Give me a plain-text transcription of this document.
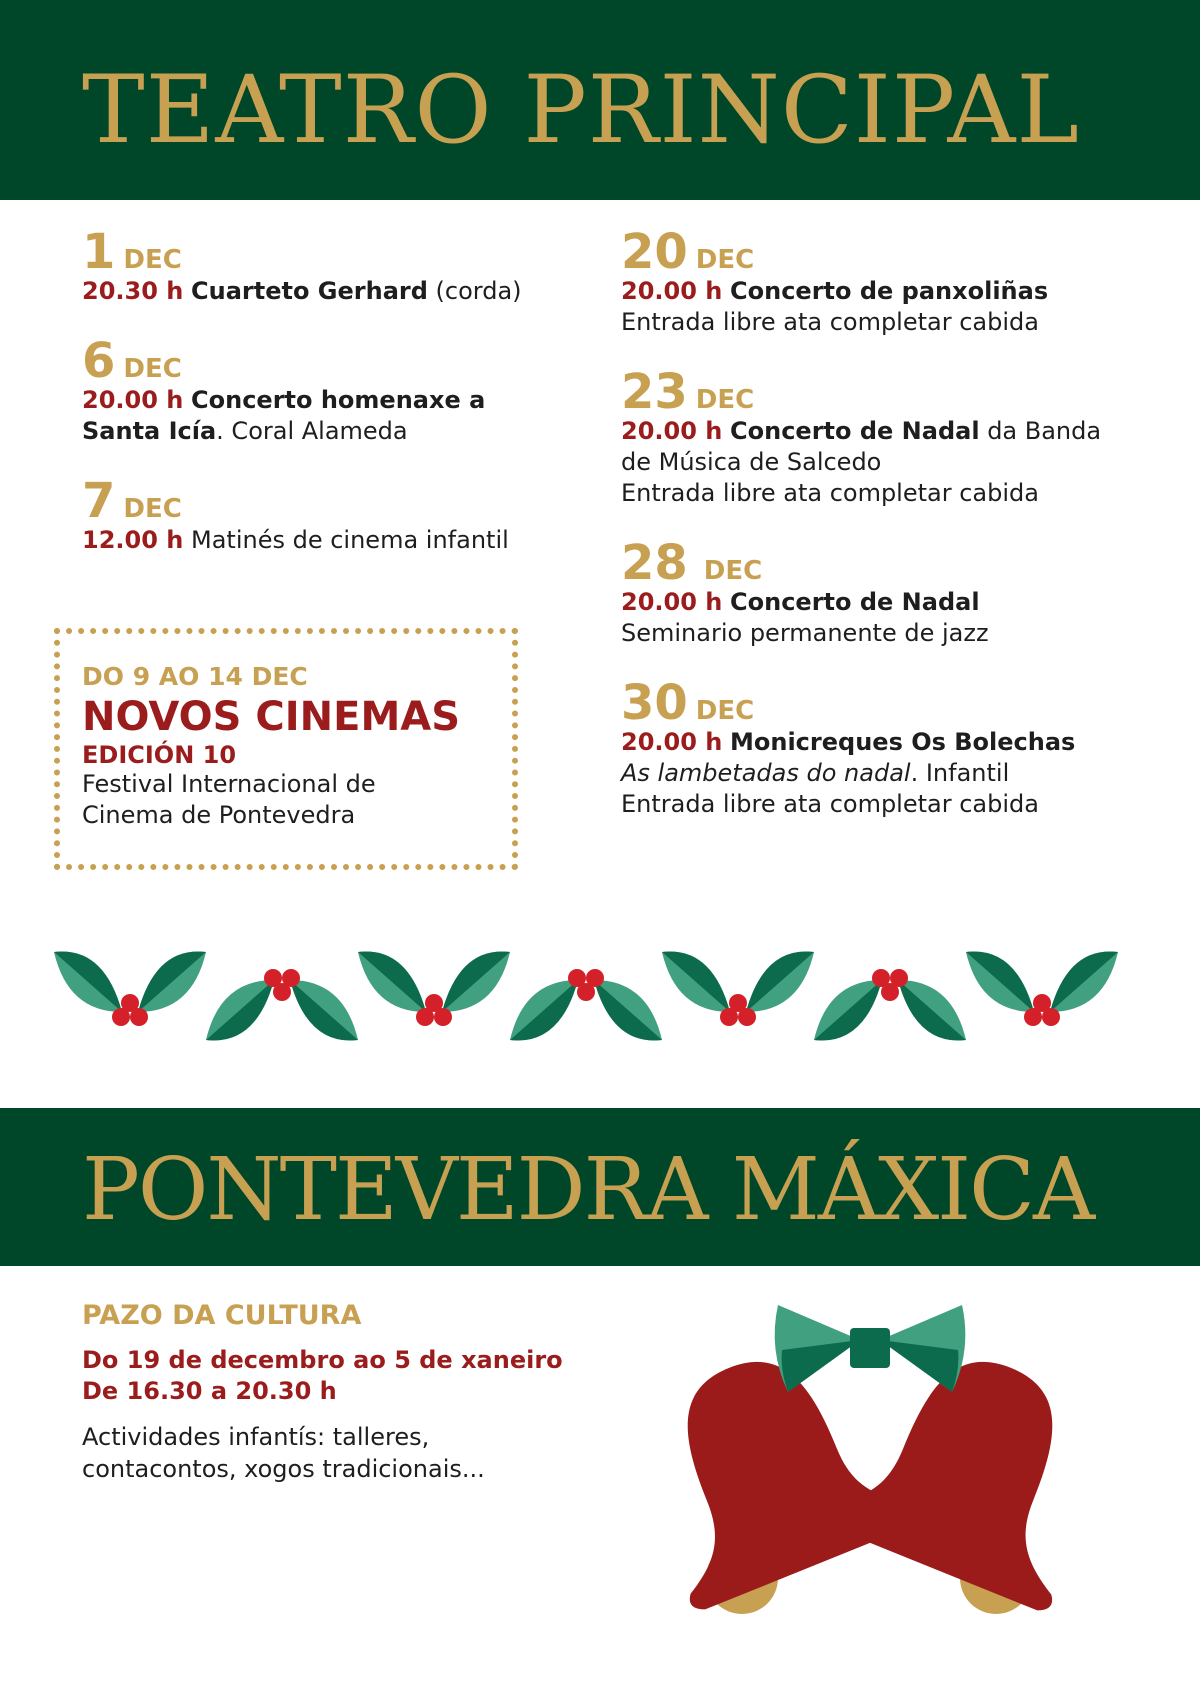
TEATRO PRINCIPAL
1 DEC

20.30 h Cuarteto Gerhard (corda)

6 DEC

20.00 h Concerto homenaxe a

Santa Icía. Coral Alameda

7 DEC

12.00 h Matinés de cinema infantil

DO 9 AO 14 DEC
NOVOS CINEMAS
EDICIÓN 10
Festival Internacional de
Cinema de Pontevedra
20 DEC

20.00 h Concerto de panxoliñas

Entrada libre ata completar cabida

23 DEC

20.00 h Concerto de Nadal da Banda

de Música de Salcedo

Entrada libre ata completar cabida

28 DEC

20.00 h Concerto de Nadal

Seminario permanente de jazz

30 DEC

20.00 h Monicreques Os Bolechas

As lambetadas do nadal. Infantil

Entrada libre ata completar cabida

PONTEVEDRA MÁXICA
PAZO DA CULTURA
Do 19 de decembro ao 5 de xaneiro
De 16.30 a 20.30 h
Actividades infantís: talleres,
contacontos, xogos tradicionais...
